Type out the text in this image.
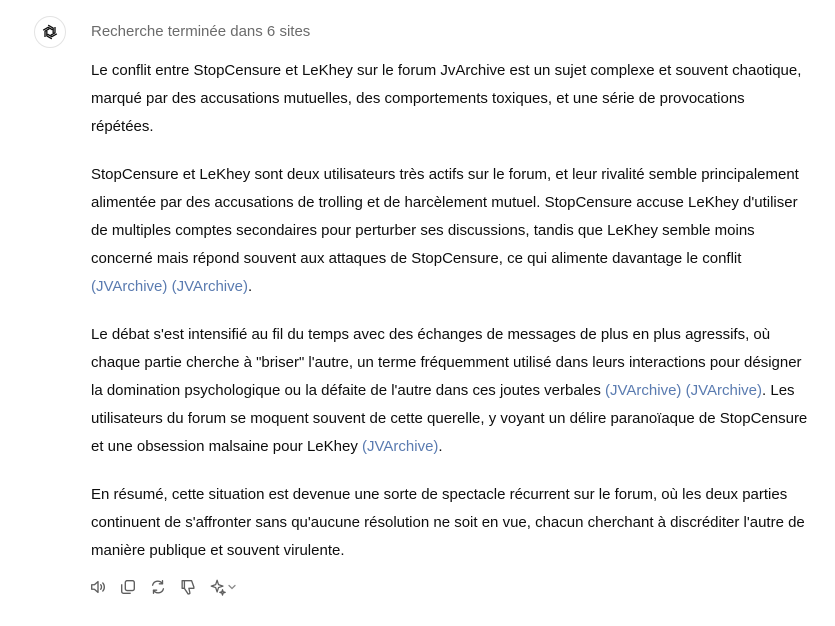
Recherche terminée dans 6 sites

Le conflit entre StopCensure et LeKhey sur le forum JvArchive est un sujet complexe et souvent chaotique, marqué par des accusations mutuelles, des comportements toxiques, et une série de provocations répétées.

StopCensure et LeKhey sont deux utilisateurs très actifs sur le forum, et leur rivalité semble principalement alimentée par des accusations de trolling et de harcèlement mutuel. StopCensure accuse LeKhey d'utiliser de multiples comptes secondaires pour perturber ses discussions, tandis que LeKhey semble moins concerné mais répond souvent aux attaques de StopCensure, ce qui alimente davantage le conflit (JVArchive) (JVArchive).

Le débat s'est intensifié au fil du temps avec des échanges de messages de plus en plus agressifs, où chaque partie cherche à "briser" l'autre, un terme fréquemment utilisé dans leurs interactions pour désigner la domination psychologique ou la défaite de l'autre dans ces joutes verbales (JVArchive) (JVArchive). Les utilisateurs du forum se moquent souvent de cette querelle, y voyant un délire paranoïaque de StopCensure et une obsession malsaine pour LeKhey (JVArchive).

En résumé, cette situation est devenue une sorte de spectacle récurrent sur le forum, où les deux parties continuent de s'affronter sans qu'aucune résolution ne soit en vue, chacun cherchant à discréditer l'autre de manière publique et souvent virulente.
